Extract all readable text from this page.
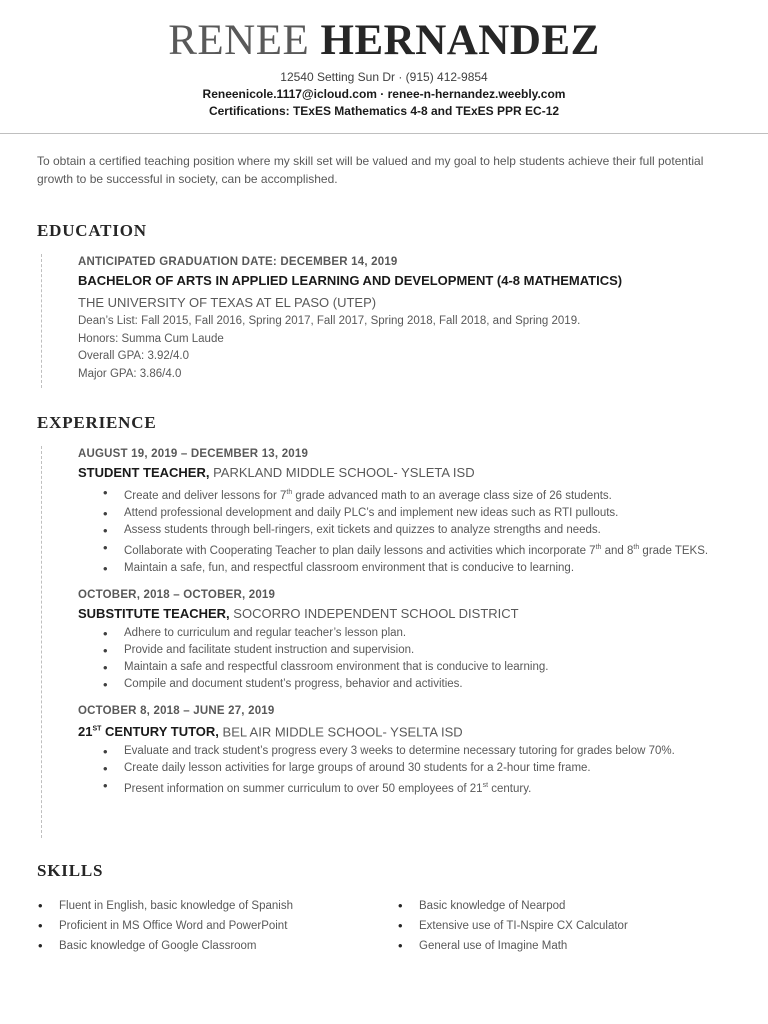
RENEE HERNANDEZ
12540 Setting Sun Dr · (915) 412-9854
Reneenicole.1117@icloud.com · renee-n-hernandez.weebly.com
Certifications: TExES Mathematics 4-8 and TExES PPR EC-12
To obtain a certified teaching position where my skill set will be valued and my goal to help students achieve their full potential growth to be successful in society, can be accomplished.
EDUCATION
ANTICIPATED GRADUATION DATE: DECEMBER 14, 2019
BACHELOR OF ARTS IN APPLIED LEARNING AND DEVELOPMENT (4-8 MATHEMATICS)
THE UNIVERSITY OF TEXAS AT EL PASO (UTEP)
Dean’s List: Fall 2015, Fall 2016, Spring 2017, Fall 2017, Spring 2018, Fall 2018, and Spring 2019.
Honors: Summa Cum Laude
Overall GPA: 3.92/4.0
Major GPA: 3.86/4.0
EXPERIENCE
AUGUST 19, 2019 – DECEMBER 13, 2019
STUDENT TEACHER, PARKLAND MIDDLE SCHOOL- YSLETA ISD
• Create and deliver lessons for 7th grade advanced math to an average class size of 26 students.
• Attend professional development and daily PLC’s and implement new ideas such as RTI pullouts.
• Assess students through bell-ringers, exit tickets and quizzes to analyze strengths and needs.
• Collaborate with Cooperating Teacher to plan daily lessons and activities which incorporate 7th and 8th grade TEKS.
• Maintain a safe, fun, and respectful classroom environment that is conducive to learning.
OCTOBER, 2018 – OCTOBER, 2019
SUBSTITUTE TEACHER, SOCORRO INDEPENDENT SCHOOL DISTRICT
• Adhere to curriculum and regular teacher’s lesson plan.
• Provide and facilitate student instruction and supervision.
• Maintain a safe and respectful classroom environment that is conducive to learning.
• Compile and document student’s progress, behavior and activities.
OCTOBER 8, 2018 – JUNE 27, 2019
21ST CENTURY TUTOR, BEL AIR MIDDLE SCHOOL- YSELTA ISD
• Evaluate and track student’s progress every 3 weeks to determine necessary tutoring for grades below 70%.
• Create daily lesson activities for large groups of around 30 students for a 2-hour time frame.
• Present information on summer curriculum to over 50 employees of 21st century.
SKILLS
• Fluent in English, basic knowledge of Spanish
• Proficient in MS Office Word and PowerPoint
• Basic knowledge of Google Classroom
• Basic knowledge of Nearpod
• Extensive use of TI-Nspire CX Calculator
• General use of Imagine Math
